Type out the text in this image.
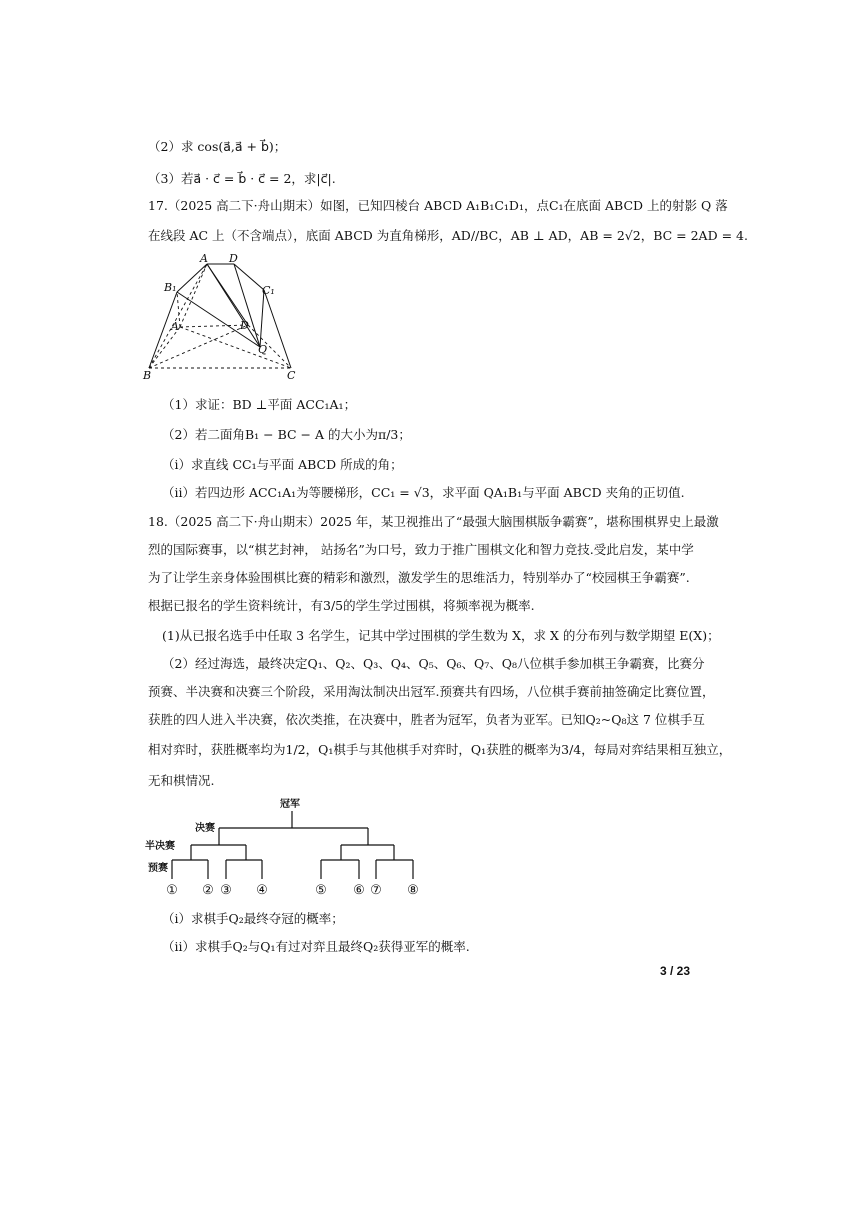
（2）求 cos(a⃗,a⃗ + b⃗)；
（3）若a⃗ · c⃗ = b⃗ · c⃗ = 2，求|c⃗|.
17.（2025 高二下·舟山期末）如图，已知四棱台 ABCD A₁B₁C₁D₁，点C₁在底面 ABCD 上的射影 Q 落
在线段 AC 上（不含端点），底面 ABCD 为直角梯形，AD//BC，AB ⊥ AD，AB = 2√2，BC = 2AD = 4.
A D
B₁	C₁
A	D
Q
B	C
（1）求证：BD ⊥平面 ACC₁A₁；
（2）若二面角B₁ − BC − A 的大小为π/3；
（ⅰ）求直线 CC₁与平面 ABCD 所成的角；
（ⅱ）若四边形 ACC₁A₁为等腰梯形，CC₁ = √3，求平面 QA₁B₁与平面 ABCD 夹角的正切值.
18.（2025 高二下·舟山期末）2025 年，某卫视推出了“最强大脑围棋版争霸赛”，堪称围棋界史上最激
烈的国际赛事，以“棋艺封神， 站扬名”为口号，致力于推广围棋文化和智力竞技.受此启发，某中学
为了让学生亲身体验围棋比赛的精彩和激烈，激发学生的思维活力，特别举办了“校园棋王争霸赛”.
根据已报名的学生资料统计，有3/5的学生学过围棋，将频率视为概率.
(1)从已报名选手中任取 3 名学生，记其中学过围棋的学生数为 X，求 X 的分布列与数学期望 E(X)；
（2）经过海选，最终决定Q₁、Q₂、Q₃、Q₄、Q₅、Q₆、Q₇、Q₈八位棋手参加棋王争霸赛，比赛分
预赛、半决赛和决赛三个阶段，采用淘汰制决出冠军.预赛共有四场，八位棋手赛前抽签确定比赛位置，
获胜的四人进入半决赛，依次类推，在决赛中，胜者为冠军，负者为亚军。已知Q₂~Q₈这 7 位棋手互
相对弈时，获胜概率均为1/2，Q₁棋手与其他棋手对弈时，Q₁获胜的概率为3/4，每局对弈结果相互独立，
无和棋情况.
冠军
决赛
半决赛
预赛
① ② ③ ④	⑤ ⑥ ⑦ ⑧
（ⅰ）求棋手Q₂最终夺冠的概率；
（ⅱ）求棋手Q₂与Q₁有过对弈且最终Q₂获得亚军的概率.
3 / 23
